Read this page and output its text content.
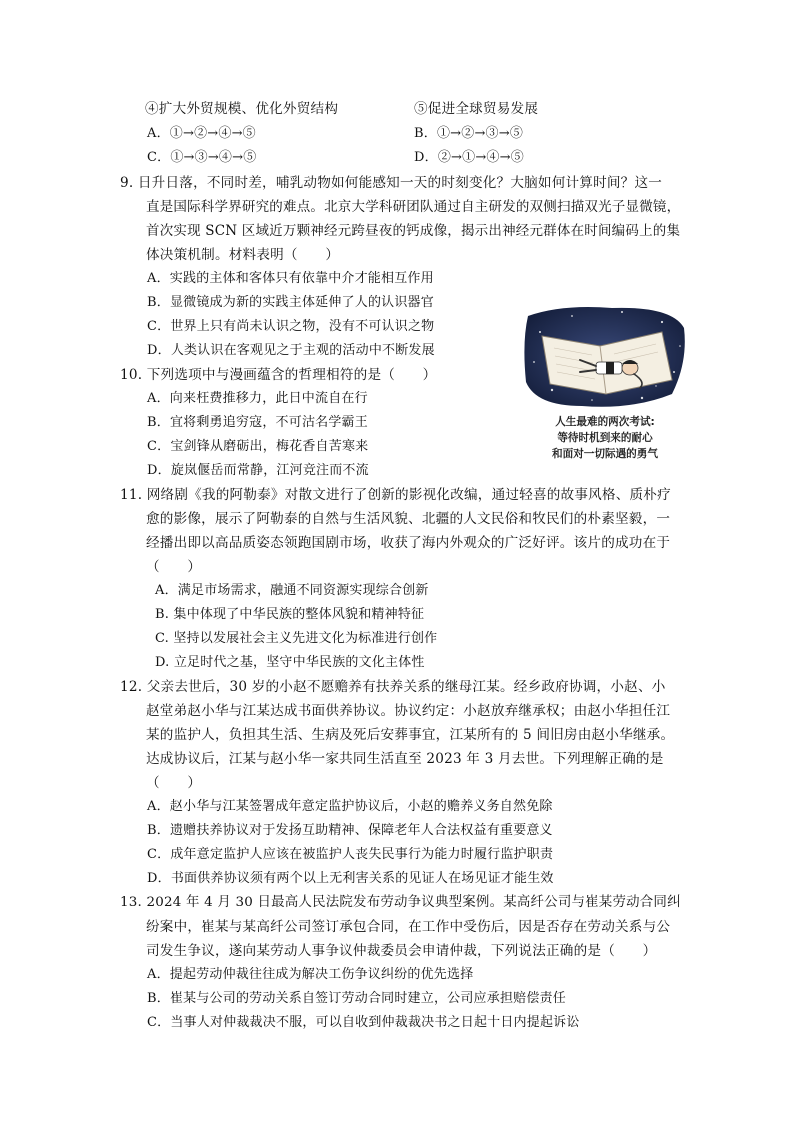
④扩大外贸规模、优化外贸结构	⑤促进全球贸易发展
A．①→②→④→⑤	B．①→②→③→⑤
C．①→③→④→⑤	D．②→①→④→⑤
9. 日升日落，不同时差，哺乳动物如何能感知一天的时刻变化？大脑如何计算时间？这一
直是国际科学界研究的难点。北京大学科研团队通过自主研发的双侧扫描双光子显微镜，
首次实现 SCN 区域近万颗神经元跨昼夜的钙成像，揭示出神经元群体在时间编码上的集
体决策机制。材料表明（　　）
A．实践的主体和客体只有依靠中介才能相互作用
B．显微镜成为新的实践主体延伸了人的认识器官
C．世界上只有尚未认识之物，没有不可认识之物
D．人类认识在客观见之于主观的活动中不断发展
10. 下列选项中与漫画蕴含的哲理相符的是（　　）
A．向来枉费推移力，此日中流自在行
B．宜将剩勇追穷寇，不可沽名学霸王
C．宝剑锋从磨砺出，梅花香自苦寒来
D．旋岚偃岳而常静，江河竞注而不流
人生最难的两次考试:
等待时机到来的耐心
和面对一切际遇的勇气
11. 网络剧《我的阿勒泰》对散文进行了创新的影视化改编，通过轻喜的故事风格、质朴疗
愈的影像，展示了阿勒泰的自然与生活风貌、北疆的人文民俗和牧民们的朴素坚毅，一
经播出即以高品质姿态领跑国剧市场，收获了海内外观众的广泛好评。该片的成功在于
（　　）
A．满足市场需求，融通不同资源实现综合创新
B. 集中体现了中华民族的整体风貌和精神特征
C. 坚持以发展社会主义先进文化为标准进行创作
D. 立足时代之基，坚守中华民族的文化主体性
12. 父亲去世后，30 岁的小赵不愿赡养有扶养关系的继母江某。经乡政府协调，小赵、小
赵堂弟赵小华与江某达成书面供养协议。协议约定：小赵放弃继承权；由赵小华担任江
某的监护人，负担其生活、生病及死后安葬事宜，江某所有的 5 间旧房由赵小华继承。
达成协议后，江某与赵小华一家共同生活直至 2023 年 3 月去世。下列理解正确的是
（　　）
A．赵小华与江某签署成年意定监护协议后，小赵的赡养义务自然免除
B．遗赠扶养协议对于发扬互助精神、保障老年人合法权益有重要意义
C．成年意定监护人应该在被监护人丧失民事行为能力时履行监护职责
D．书面供养协议须有两个以上无利害关系的见证人在场见证才能生效
13. 2024 年 4 月 30 日最高人民法院发布劳动争议典型案例。某高纤公司与崔某劳动合同纠
纷案中，崔某与某高纤公司签订承包合同，在工作中受伤后，因是否存在劳动关系与公
司发生争议，遂向某劳动人事争议仲裁委员会申请仲裁，下列说法正确的是（　　）
A．提起劳动仲裁往往成为解决工伤争议纠纷的优先选择
B．崔某与公司的劳动关系自签订劳动合同时建立，公司应承担赔偿责任
C．当事人对仲裁裁决不服，可以自收到仲裁裁决书之日起十日内提起诉讼
